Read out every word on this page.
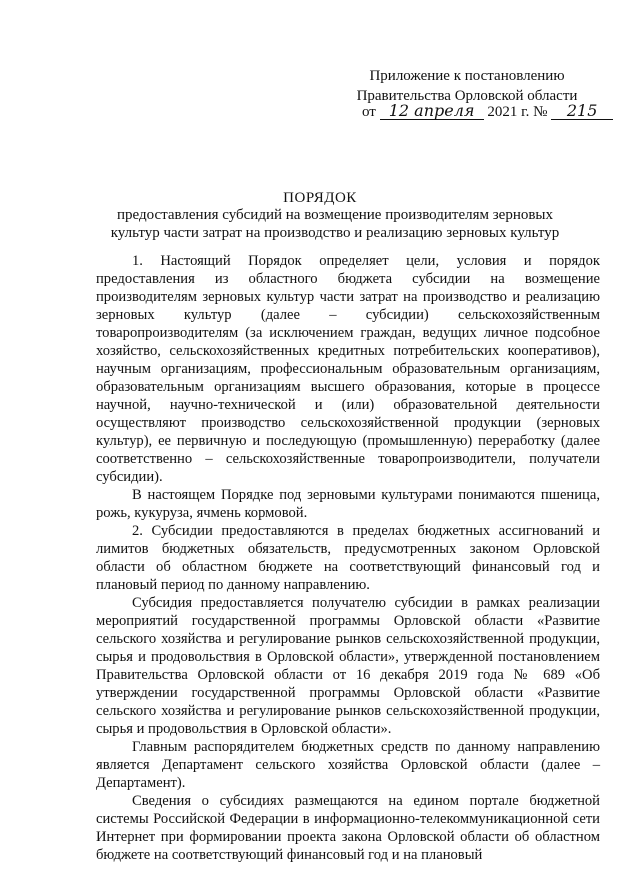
Приложение к постановлению
Правительства Орловской области
от 12 апреля 2021 г. № 215
ПОРЯДОК
предоставления субсидий на возмещение производителям зерновых культур части затрат на производство и реализацию зерновых культур

1. Настоящий Порядок определяет цели, условия и порядок предоставления из областного бюджета субсидии на возмещение производителям зерновых культур части затрат на производство и реализацию зерновых культур (далее – субсидии) сельскохозяйственным товаропроизводителям (за исключением граждан, ведущих личное подсобное хозяйство, сельскохозяйственных кредитных потребительских кооперативов), научным организациям, профессиональным образовательным организациям, образовательным организациям высшего образования, которые в процессе научной, научно-технической и (или) образовательной деятельности осуществляют производство сельскохозяйственной продукции (зерновых культур), ее первичную и последующую (промышленную) переработку (далее соответственно – сельскохозяйственные товаропроизводители, получатели субсидии).

В настоящем Порядке под зерновыми культурами понимаются пшеница, рожь, кукуруза, ячмень кормовой.

2. Субсидии предоставляются в пределах бюджетных ассигнований и лимитов бюджетных обязательств, предусмотренных законом Орловской области об областном бюджете на соответствующий финансовый год и плановый период по данному направлению.

Субсидия предоставляется получателю субсидии в рамках реализации мероприятий государственной программы Орловской области «Развитие сельского хозяйства и регулирование рынков сельскохозяйственной продукции, сырья и продовольствия в Орловской области», утвержденной постановлением Правительства Орловской области от 16 декабря 2019 года № 689 «Об утверждении государственной программы Орловской области «Развитие сельского хозяйства и регулирование рынков сельскохозяйственной продукции, сырья и продовольствия в Орловской области».

Главным распорядителем бюджетных средств по данному направлению является Департамент сельского хозяйства Орловской области (далее – Департамент).

Сведения о субсидиях размещаются на едином портале бюджетной системы Российской Федерации в информационно-телекоммуникационной сети Интернет при формировании проекта закона Орловской области об областном бюджете на соответствующий финансовый год и на плановый
